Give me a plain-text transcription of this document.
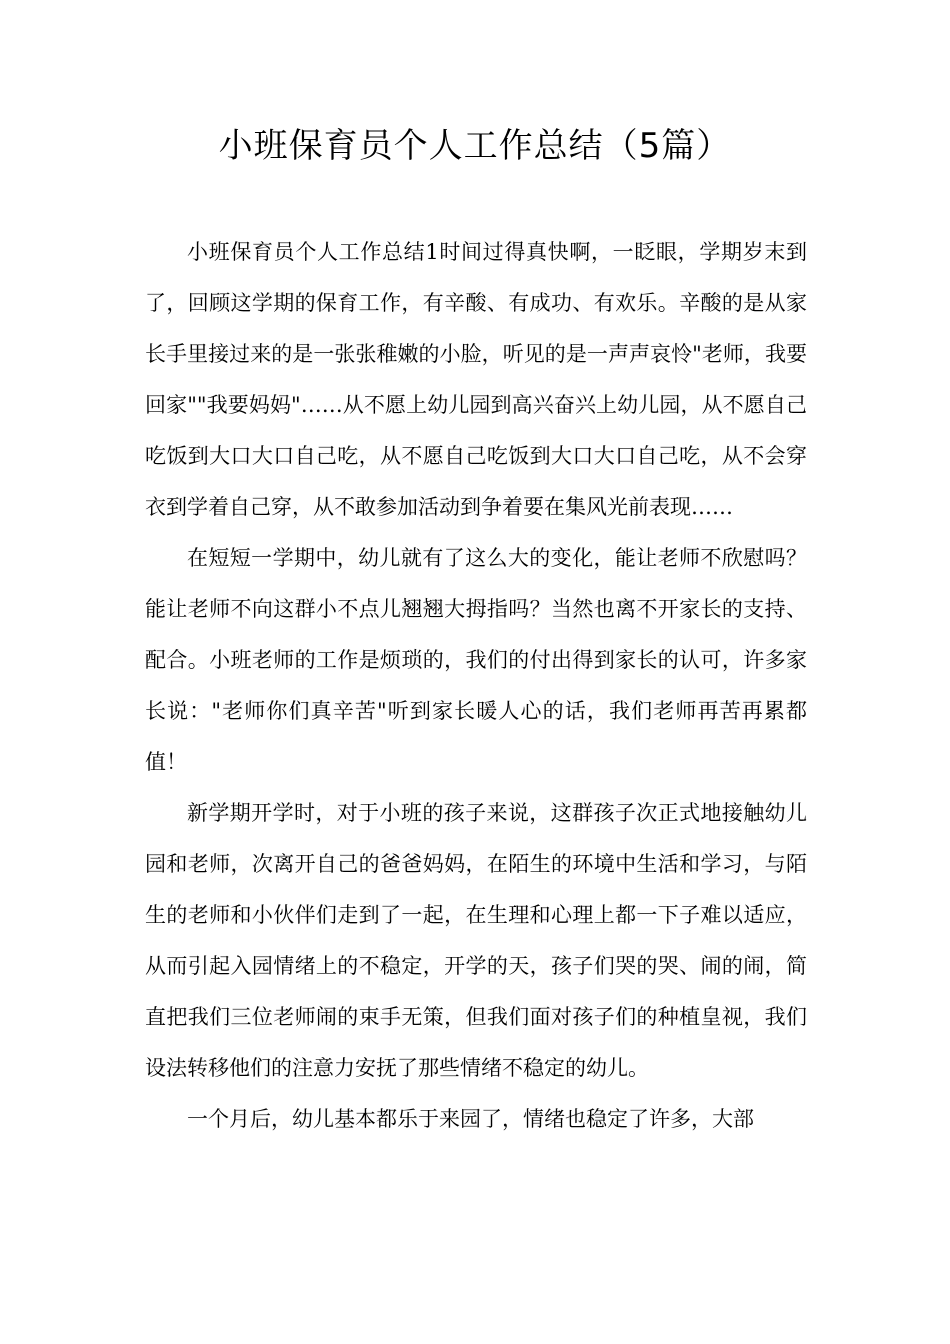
小班保育员个人工作总结（5篇）

小班保育员个人工作总结1时间过得真快啊，一眨眼，学期岁末到了，回顾这学期的保育工作，有辛酸、有成功、有欢乐。辛酸的是从家长手里接过来的是一张张稚嫩的小脸，听见的是一声声哀怜"老师，我要回家""我要妈妈"……从不愿上幼儿园到高兴奋兴上幼儿园，从不愿自己吃饭到大口大口自己吃，从不愿自己吃饭到大口大口自己吃，从不会穿衣到学着自己穿，从不敢参加活动到争着要在集风光前表现……

在短短一学期中，幼儿就有了这么大的变化，能让老师不欣慰吗？能让老师不向这群小不点儿翘翘大拇指吗？当然也离不开家长的支持、配合。小班老师的工作是烦琐的，我们的付出得到家长的认可，许多家长说："老师你们真辛苦"听到家长暖人心的话，我们老师再苦再累都值！

新学期开学时，对于小班的孩子来说，这群孩子次正式地接触幼儿园和老师，次离开自己的爸爸妈妈，在陌生的环境中生活和学习，与陌生的老师和小伙伴们走到了一起，在生理和心理上都一下子难以适应，从而引起入园情绪上的不稳定，开学的天，孩子们哭的哭、闹的闹，简直把我们三位老师闹的束手无策，但我们面对孩子们的种植皇视，我们设法转移他们的注意力安抚了那些情绪不稳定的幼儿。

一个月后，幼儿基本都乐于来园了，情绪也稳定了许多，大部
